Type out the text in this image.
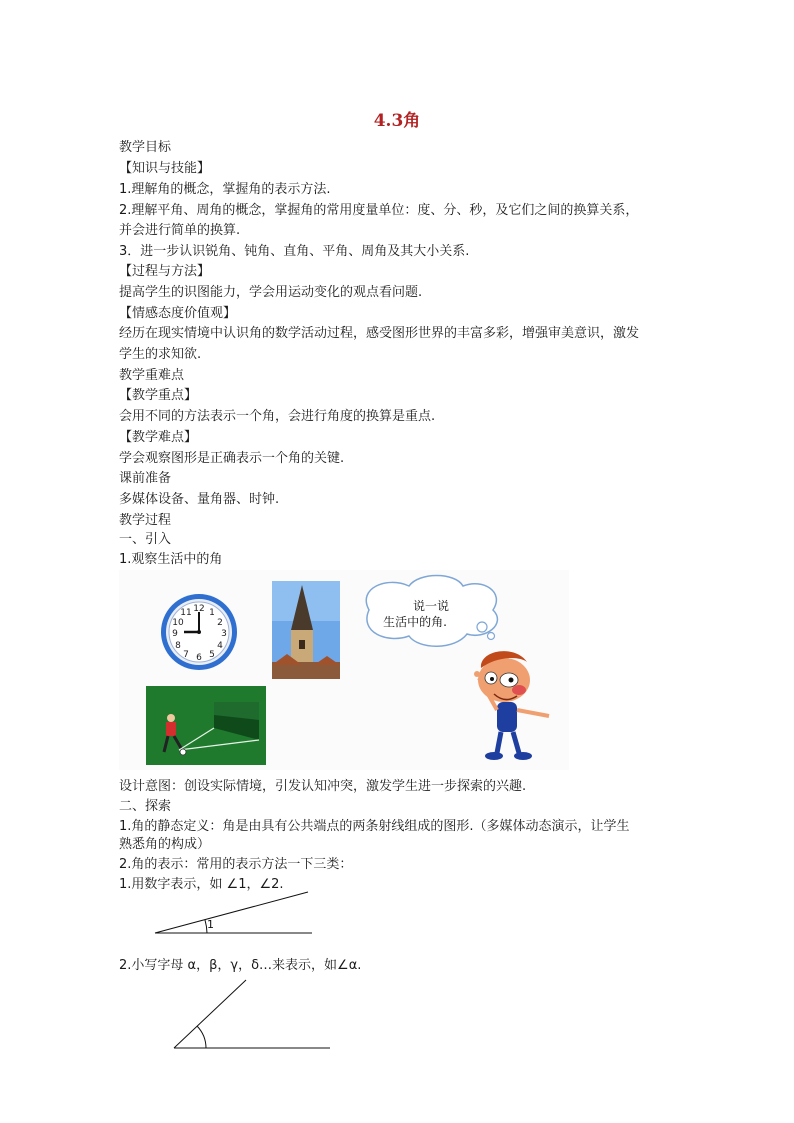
4.3角
教学目标
【知识与技能】
1.理解角的概念，掌握角的表示方法.
2.理解平角、周角的概念，掌握角的常用度量单位：度、分、秒，及它们之间的换算关系，
并会进行简单的换算.
3．进一步认识锐角、钝角、直角、平角、周角及其大小关系.
【过程与方法】
提高学生的识图能力，学会用运动变化的观点看问题.
【情感态度价值观】
经历在现实情境中认识角的数学活动过程，感受图形世界的丰富多彩，增强审美意识，激发
学生的求知欲.
教学重难点
【教学重点】
会用不同的方法表示一个角，会进行角度的换算是重点.
【教学难点】
学会观察图形是正确表示一个角的关键.
课前准备
多媒体设备、量角器、时钟.
教学过程
一、引入
1.观察生活中的角
12 1
2
3
4
5
6
7
8
9
10
11	说一说
生活中的角.
设计意图：创设实际情境，引发认知冲突，激发学生进一步探索的兴趣.
二、探索
1.角的静态定义：角是由具有公共端点的两条射线组成的图形.（多媒体动态演示，让学生
熟悉角的构成）
2.角的表示：常用的表示方法一下三类：
1.用数字表示，如 ∠1，∠2.
1
2.小写字母 α，β，γ，δ…来表示，如∠α.
